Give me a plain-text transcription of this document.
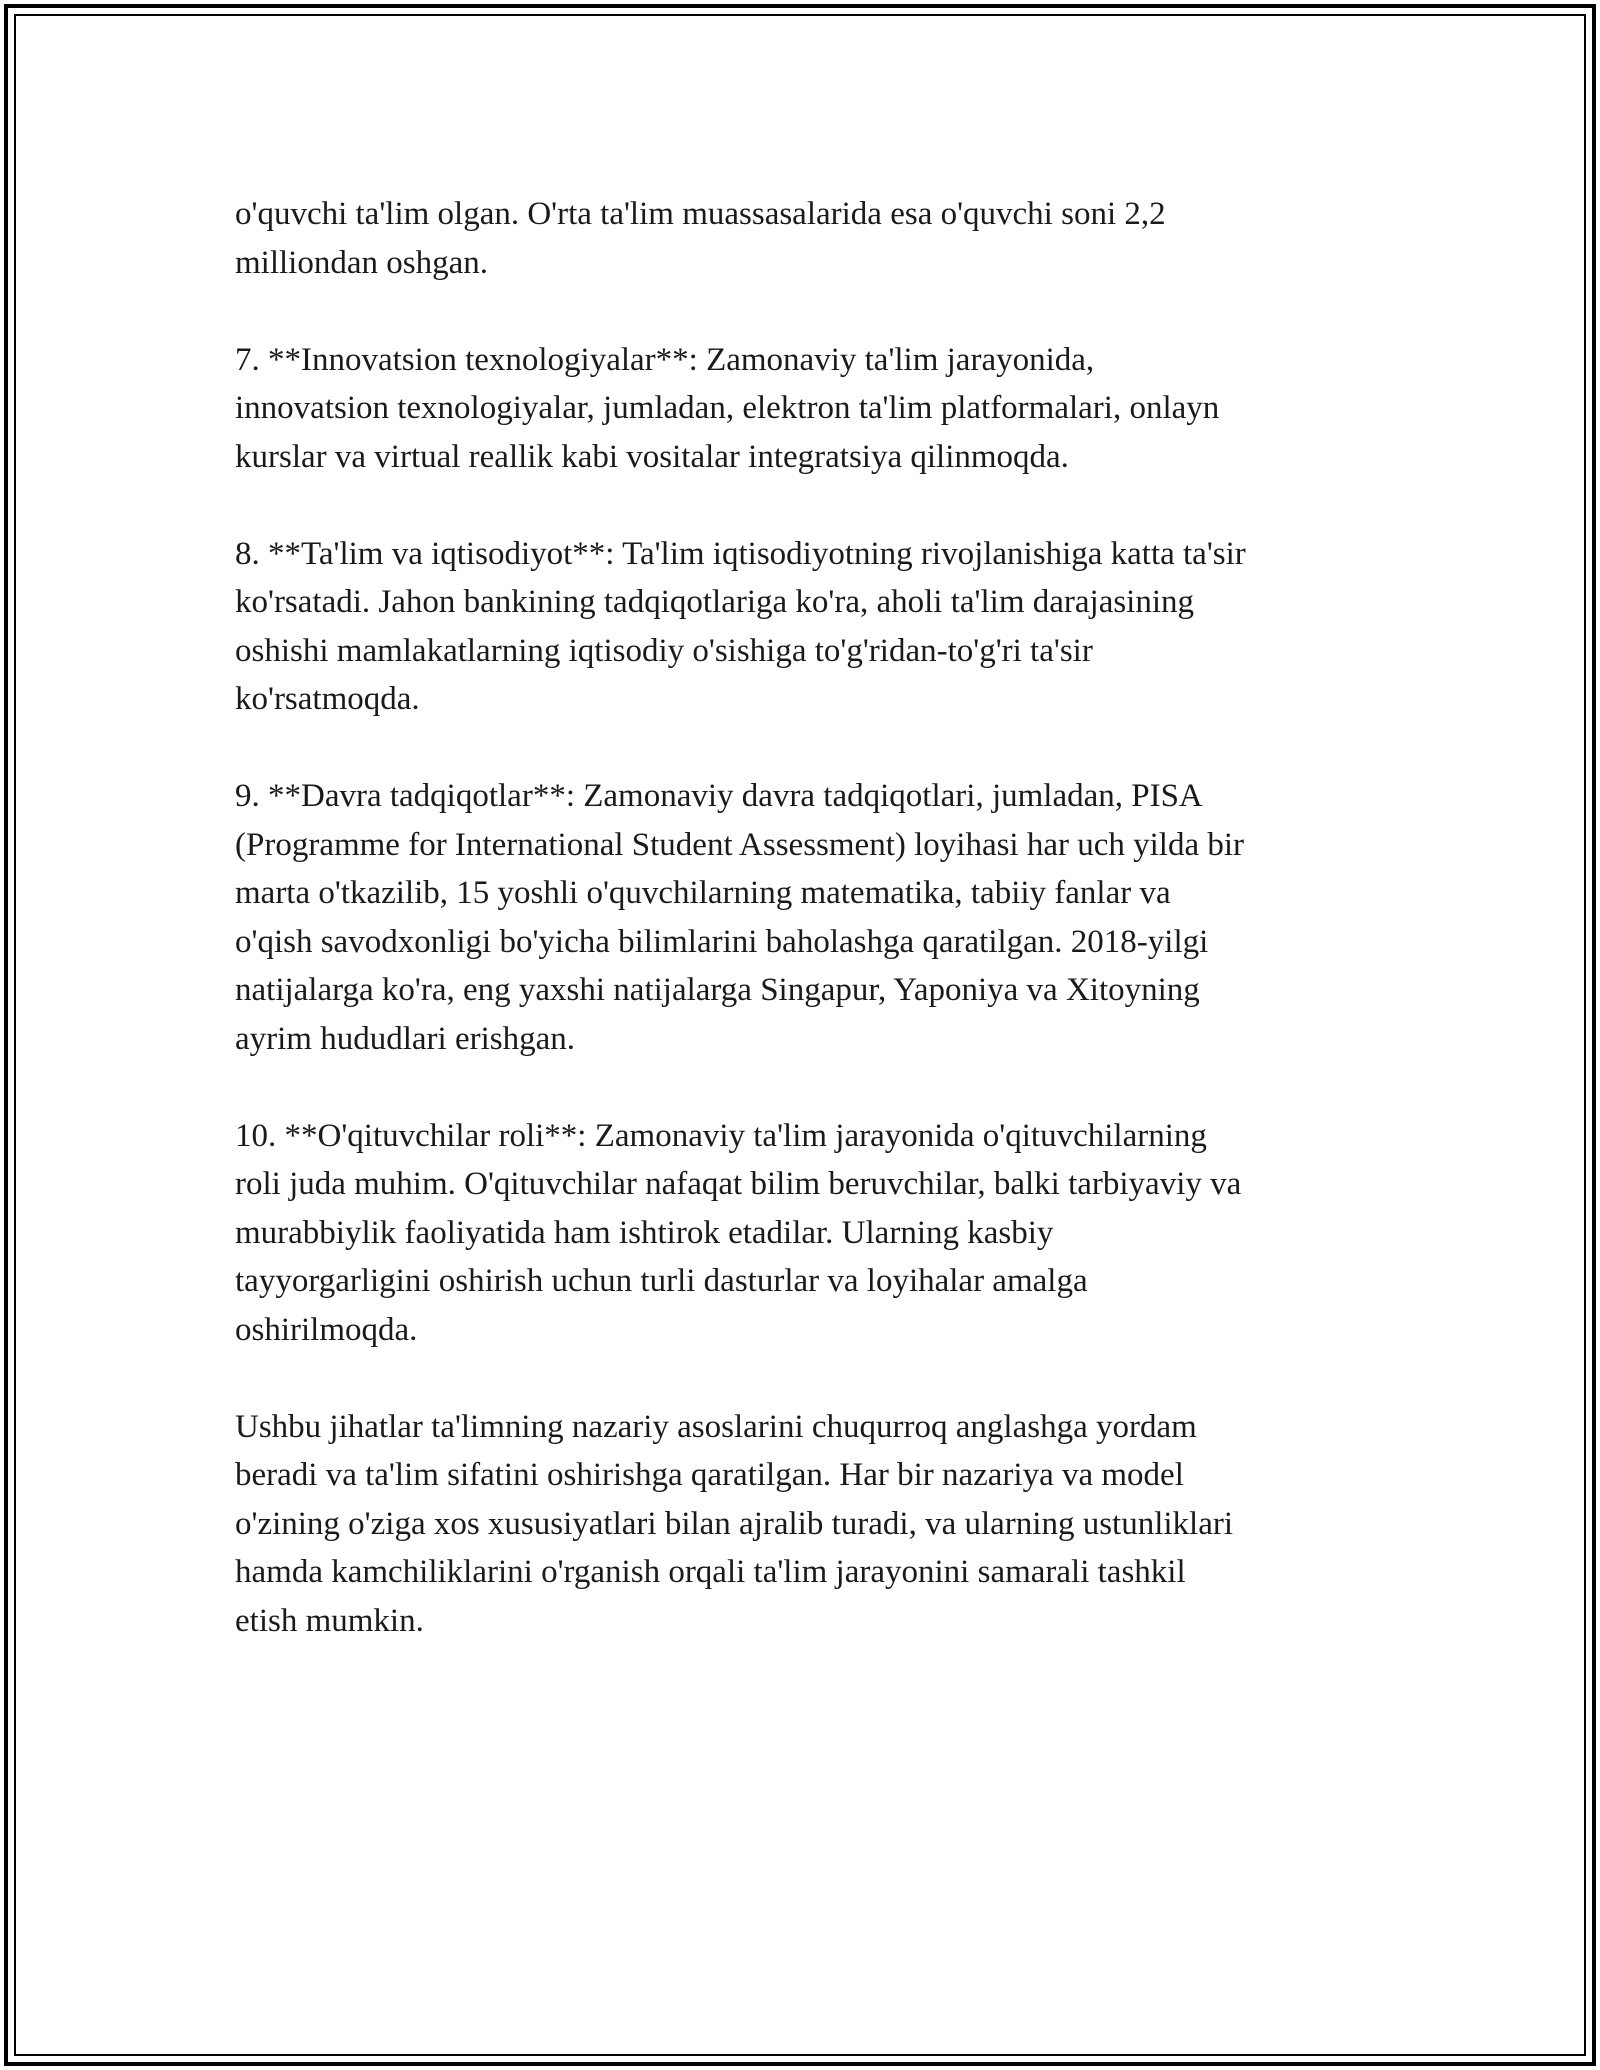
o'quvchi ta'lim olgan. O'rta ta'lim muassasalarida esa o'quvchi soni 2,2
milliondan oshgan.

7. **Innovatsion texnologiyalar**: Zamonaviy ta'lim jarayonida,
innovatsion texnologiyalar, jumladan, elektron ta'lim platformalari, onlayn
kurslar va virtual reallik kabi vositalar integratsiya qilinmoqda.

8. **Ta'lim va iqtisodiyot**: Ta'lim iqtisodiyotning rivojlanishiga katta ta'sir
ko'rsatadi. Jahon bankining tadqiqotlariga ko'ra, aholi ta'lim darajasining
oshishi mamlakatlarning iqtisodiy o'sishiga to'g'ridan-to'g'ri ta'sir
ko'rsatmoqda.

9. **Davra tadqiqotlar**: Zamonaviy davra tadqiqotlari, jumladan, PISA
(Programme for International Student Assessment) loyihasi har uch yilda bir
marta o'tkazilib, 15 yoshli o'quvchilarning matematika, tabiiy fanlar va
o'qish savodxonligi bo'yicha bilimlarini baholashga qaratilgan. 2018-yilgi
natijalarga ko'ra, eng yaxshi natijalarga Singapur, Yaponiya va Xitoyning
ayrim hududlari erishgan.

10. **O'qituvchilar roli**: Zamonaviy ta'lim jarayonida o'qituvchilarning
roli juda muhim. O'qituvchilar nafaqat bilim beruvchilar, balki tarbiyaviy va
murabbiylik faoliyatida ham ishtirok etadilar. Ularning kasbiy
tayyorgarligini oshirish uchun turli dasturlar va loyihalar amalga
oshirilmoqda.

Ushbu jihatlar ta'limning nazariy asoslarini chuqurroq anglashga yordam
beradi va ta'lim sifatini oshirishga qaratilgan. Har bir nazariya va model
o'zining o'ziga xos xususiyatlari bilan ajralib turadi, va ularning ustunliklari
hamda kamchiliklarini o'rganish orqali ta'lim jarayonini samarali tashkil
etish mumkin.
